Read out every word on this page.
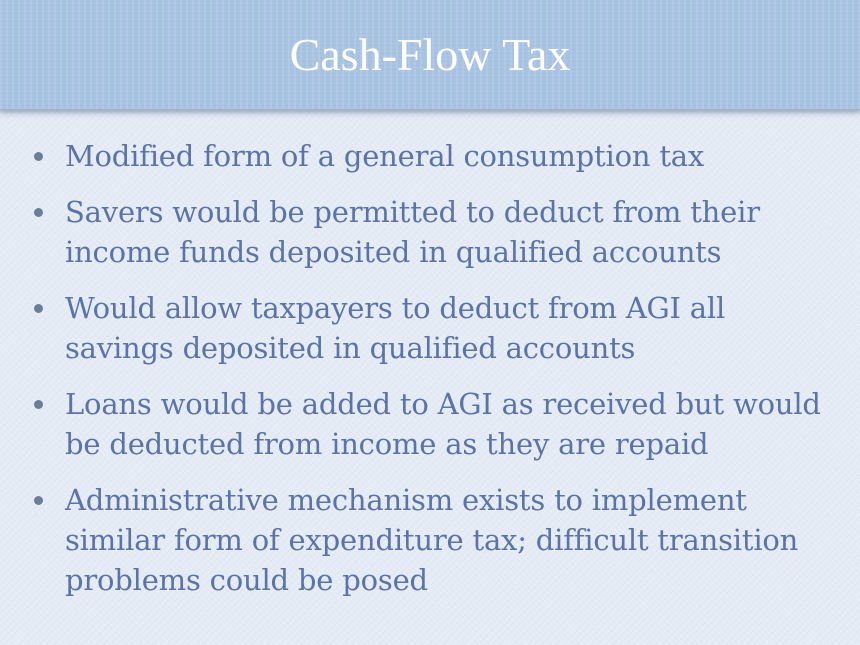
Cash-Flow Tax
Modified form of a general consumption tax
Savers would be permitted to deduct from their income funds deposited in qualified accounts
Would allow taxpayers to deduct from AGI all savings deposited in qualified accounts
Loans would be added to AGI as received but would be deducted from income as they are repaid
Administrative mechanism exists to implement similar form of expenditure tax; difficult transition problems could be posed
